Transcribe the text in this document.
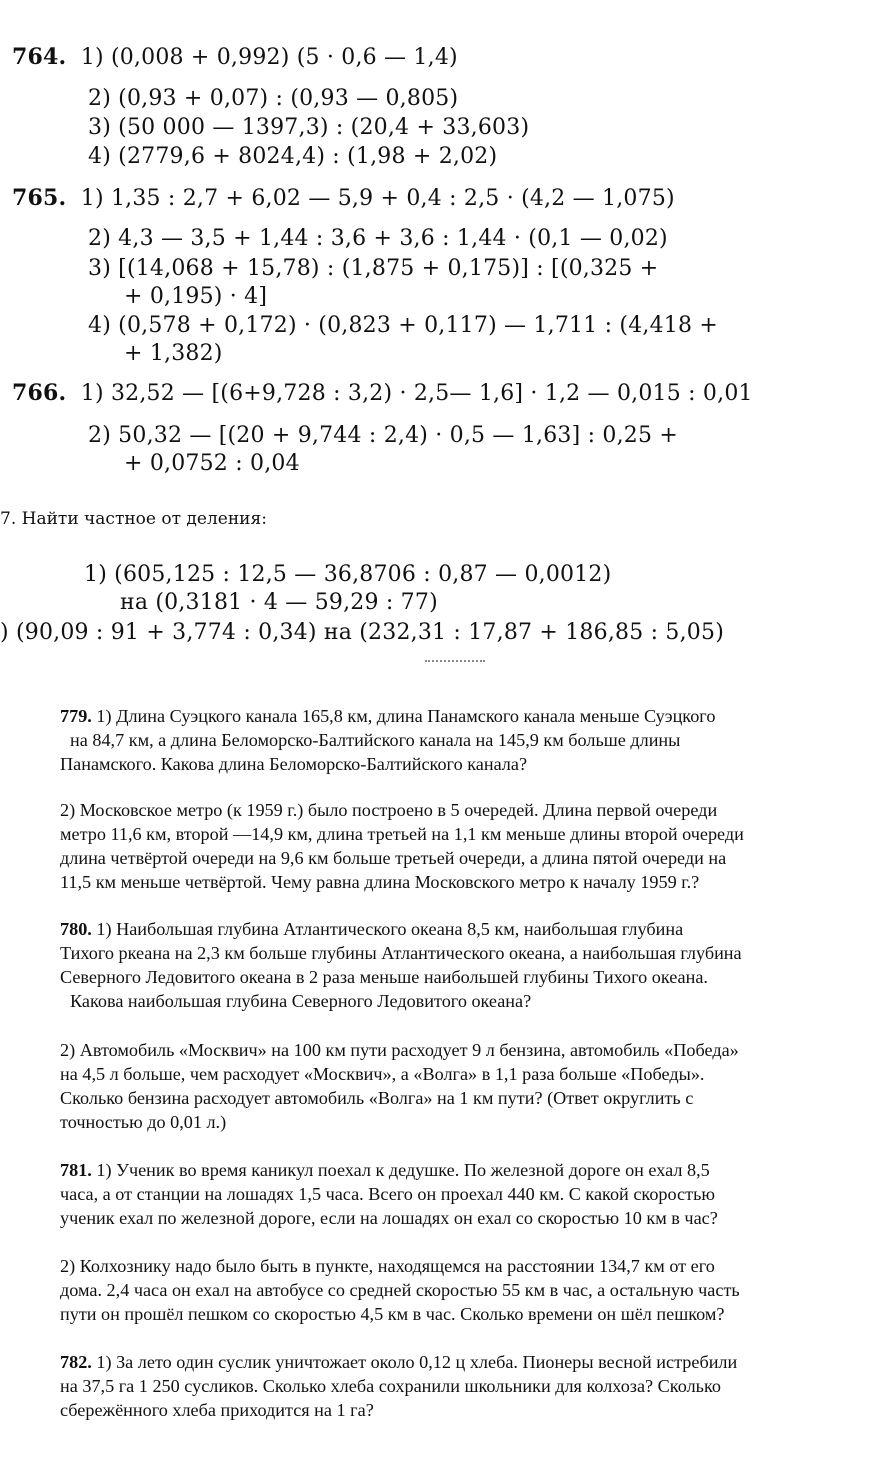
764. 1) (0,008 + 0,992) (5 · 0,6 — 1,4)
2) (0,93 + 0,07) : (0,93 — 0,805)
3) (50 000 — 1397,3) : (20,4 + 33,603)
4) (2779,6 + 8024,4) : (1,98 + 2,02)
765. 1) 1,35 : 2,7 + 6,02 — 5,9 + 0,4 : 2,5 · (4,2 — 1,075)
2) 4,3 — 3,5 + 1,44 : 3,6 + 3,6 : 1,44 · (0,1 — 0,02)
3) [(14,068 + 15,78) : (1,875 + 0,175)] : [(0,325 +
+ 0,195) · 4]
4) (0,578 + 0,172) · (0,823 + 0,117) — 1,711 : (4,418 +
+ 1,382)
766. 1) 32,52 — [(6+9,728 : 3,2) · 2,5— 1,6] · 1,2 — 0,015 : 0,01
2) 50,32 — [(20 + 9,744 : 2,4) · 0,5 — 1,63] : 0,25 +
+ 0,0752 : 0,04
7. Найти частное от деления:
1) (605,125 : 12,5 — 36,8706 : 0,87 — 0,0012)
на (0,3181 · 4 — 59,29 : 77)
) (90,09 : 91 + 3,774 : 0,34) на (232,31 : 17,87 + 186,85 : 5,05)
779. 1) Длина Суэцкого канала 165,8 км, длина Панамского канала меньше Суэцкого
на 84,7 км, а длина Беломорско-Балтийского канала на 145,9 км больше длины
Панамского. Какова длина Беломорско-Балтийского канала?
2) Московское метро (к 1959 г.) было построено в 5 очередей. Длина первой очереди
метро 11,6 км, второй —14,9 км, длина третьей на 1,1 км меньше длины второй очереди
длина четвёртой очереди на 9,6 км больше третьей очереди, а длина пятой очереди на
11,5 км меньше четвёртой. Чему равна длина Московского метро к началу 1959 г.?
780. 1) Наибольшая глубина Атлантического океана 8,5 км, наибольшая глубина
Тихого ркеана на 2,3 км больше глубины Атлантического океана, а наибольшая глубина
Северного Ледовитого океана в 2 раза меньше наибольшей глубины Тихого океана.
Какова наибольшая глубина Северного Ледовитого океана?
2) Автомобиль «Москвич» на 100 км пути расходует 9 л бензина, автомобиль «Победа»
на 4,5 л больше, чем расходует «Москвич», а «Волга» в 1,1 раза больше «Победы».
Сколько бензина расходует автомобиль «Волга» на 1 км пути? (Ответ округлить с
точностью до 0,01 л.)
781. 1) Ученик во время каникул поехал к дедушке. По железной дороге он ехал 8,5
часа, а от станции на лошадях 1,5 часа. Всего он проехал 440 км. С какой скоростью
ученик ехал по железной дороге, если на лошадях он ехал со скоростью 10 км в час?
2) Колхознику надо было быть в пункте, находящемся на расстоянии 134,7 км от его
дома. 2,4 часа он ехал на автобусе со средней скоростью 55 км в час, а остальную часть
пути он прошёл пешком со скоростью 4,5 км в час. Сколько времени он шёл пешком?
782. 1) За лето один суслик уничтожает около 0,12 ц хлеба. Пионеры весной истребили
на 37,5 га 1 250 сусликов. Сколько хлеба сохранили школьники для колхоза? Сколько
сбережённого хлеба приходится на 1 га?
